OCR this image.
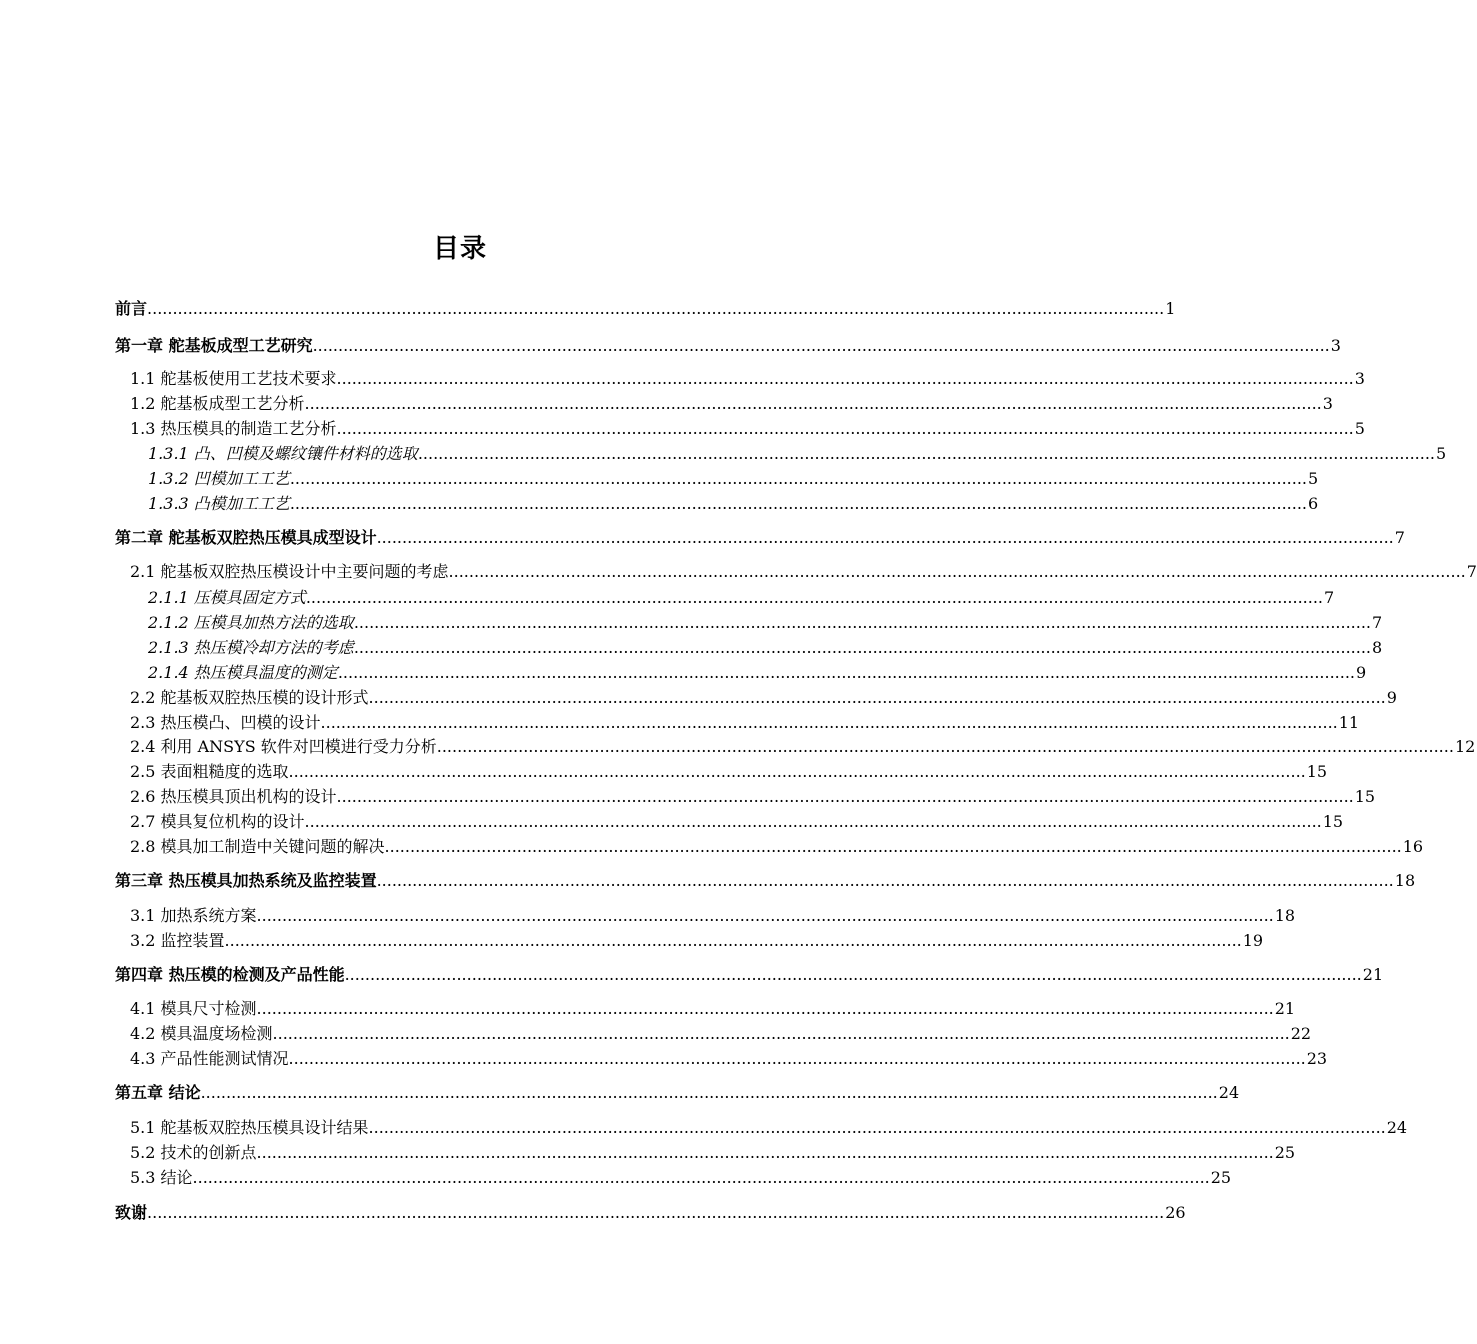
目录
前言 ........................................................................................................................................................................................................ 1
第一章 舵基板成型工艺研究 ........................................................................................................................................................................................................ 3
1.1 舵基板使用工艺技术要求 ........................................................................................................................................................................................................ 3
1.2 舵基板成型工艺分析 ........................................................................................................................................................................................................ 3
1.3 热压模具的制造工艺分析 ........................................................................................................................................................................................................ 5
1.3.1 凸、凹模及螺纹镶件材料的选取 ........................................................................................................................................................................................................ 5
1.3.2 凹模加工工艺 ........................................................................................................................................................................................................ 5
1.3.3 凸模加工工艺 ........................................................................................................................................................................................................ 6
第二章 舵基板双腔热压模具成型设计 ........................................................................................................................................................................................................ 7
2.1 舵基板双腔热压模设计中主要问题的考虑 ........................................................................................................................................................................................................ 7
2.1.1 压模具固定方式 ........................................................................................................................................................................................................ 7
2.1.2 压模具加热方法的选取 ........................................................................................................................................................................................................ 7
2.1.3 热压模冷却方法的考虑 ........................................................................................................................................................................................................ 8
2.1.4 热压模具温度的测定 ........................................................................................................................................................................................................ 9
2.2 舵基板双腔热压模的设计形式 ........................................................................................................................................................................................................ 9
2.3 热压模凸、凹模的设计 ........................................................................................................................................................................................................ 11
2.4 利用 ANSYS 软件对凹模进行受力分析 ........................................................................................................................................................................................................ 12
2.5 表面粗糙度的选取 ........................................................................................................................................................................................................ 15
2.6 热压模具顶出机构的设计 ........................................................................................................................................................................................................ 15
2.7 模具复位机构的设计 ........................................................................................................................................................................................................ 15
2.8 模具加工制造中关键问题的解决 ........................................................................................................................................................................................................ 16
第三章 热压模具加热系统及监控装置 ........................................................................................................................................................................................................ 18
3.1 加热系统方案 ........................................................................................................................................................................................................ 18
3.2 监控装置 ........................................................................................................................................................................................................ 19
第四章 热压模的检测及产品性能 ........................................................................................................................................................................................................ 21
4.1 模具尺寸检测 ........................................................................................................................................................................................................ 21
4.2 模具温度场检测 ........................................................................................................................................................................................................ 22
4.3 产品性能测试情况 ........................................................................................................................................................................................................ 23
第五章 结论 ........................................................................................................................................................................................................ 24
5.1 舵基板双腔热压模具设计结果 ........................................................................................................................................................................................................ 24
5.2 技术的创新点 ........................................................................................................................................................................................................ 25
5.3 结论 ........................................................................................................................................................................................................ 25
致谢 ........................................................................................................................................................................................................ 26
